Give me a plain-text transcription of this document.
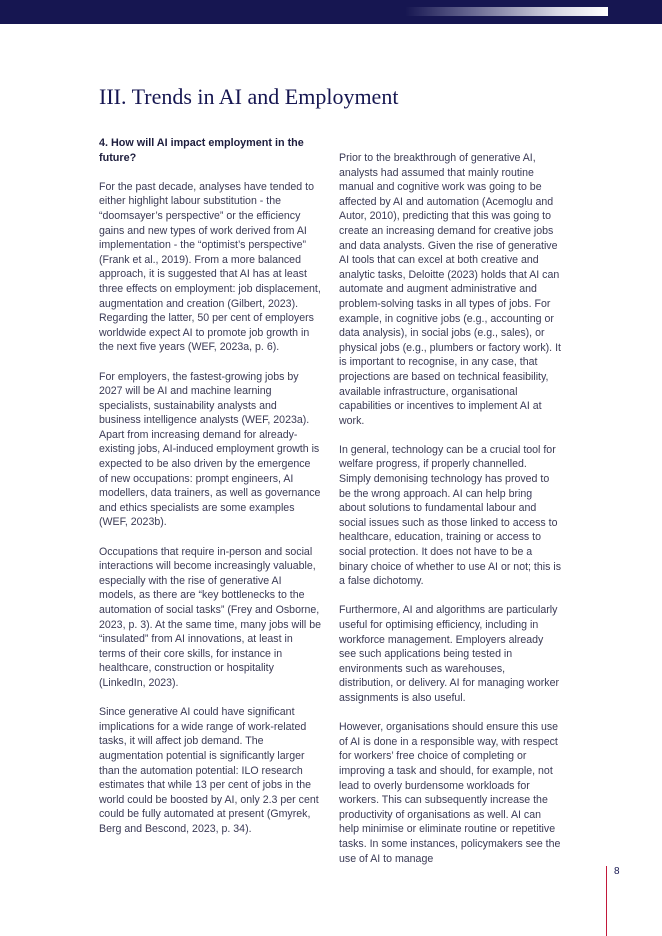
III. Trends in AI and Employment

4. How will AI impact employment in the future?

For the past decade, analyses have tended to either highlight labour substitution - the “doomsayer’s perspective” or the efficiency gains and new types of work derived from AI implementation - the “optimist’s perspective” (Frank et al., 2019). From a more balanced approach, it is suggested that AI has at least three effects on employment: job displacement, augmentation and creation (Gilbert, 2023). Regarding the latter, 50 per cent of employers worldwide expect AI to promote job growth in the next five years (WEF, 2023a, p. 6).

For employers, the fastest-growing jobs by 2027 will be AI and machine learning specialists, sustainability analysts and business intelligence analysts (WEF, 2023a). Apart from increasing demand for already-existing jobs, AI-induced employment growth is expected to be also driven by the emergence of new occupations: prompt engineers, AI modellers, data trainers, as well as governance and ethics specialists are some examples (WEF, 2023b).

Occupations that require in-person and social interactions will become increasingly valuable, especially with the rise of generative AI models, as there are “key bottlenecks to the automation of social tasks” (Frey and Osborne, 2023, p. 3). At the same time, many jobs will be “insulated” from AI innovations, at least in terms of their core skills, for instance in healthcare, construction or hospitality (LinkedIn, 2023).

Since generative AI could have significant implications for a wide range of work-related tasks, it will affect job demand. The augmentation potential is significantly larger than the automation potential: ILO research estimates that while 13 per cent of jobs in the world could be boosted by AI, only 2.3 per cent could be fully automated at present (Gmyrek, Berg and Bescond, 2023, p. 34).

Prior to the breakthrough of generative AI, analysts had assumed that mainly routine manual and cognitive work was going to be affected by AI and automation (Acemoglu and Autor, 2010), predicting that this was going to create an increasing demand for creative jobs and data analysts. Given the rise of generative AI tools that can excel at both creative and analytic tasks, Deloitte (2023) holds that AI can automate and augment administrative and problem-solving tasks in all types of jobs. For example, in cognitive jobs (e.g., accounting or data analysis), in social jobs (e.g., sales), or physical jobs (e.g., plumbers or factory work). It is important to recognise, in any case, that projections are based on technical feasibility, available infrastructure, organisational capabilities or incentives to implement AI at work.

In general, technology can be a crucial tool for welfare progress, if properly channelled. Simply demonising technology has proved to be the wrong approach. AI can help bring about solutions to fundamental labour and social issues such as those linked to access to healthcare, education, training or access to social protection. It does not have to be a binary choice of whether to use AI or not; this is a false dichotomy.

Furthermore, AI and algorithms are particularly useful for optimising efficiency, including in workforce management. Employers already see such applications being tested in environments such as warehouses, distribution, or delivery. AI for managing worker assignments is also useful.

However, organisations should ensure this use of AI is done in a responsible way, with respect for workers’ free choice of completing or improving a task and should, for example, not lead to overly burdensome workloads for workers. This can subsequently increase the productivity of organisations as well. AI can help minimise or eliminate routine or repetitive tasks. In some instances, policymakers see the use of AI to manage

8
